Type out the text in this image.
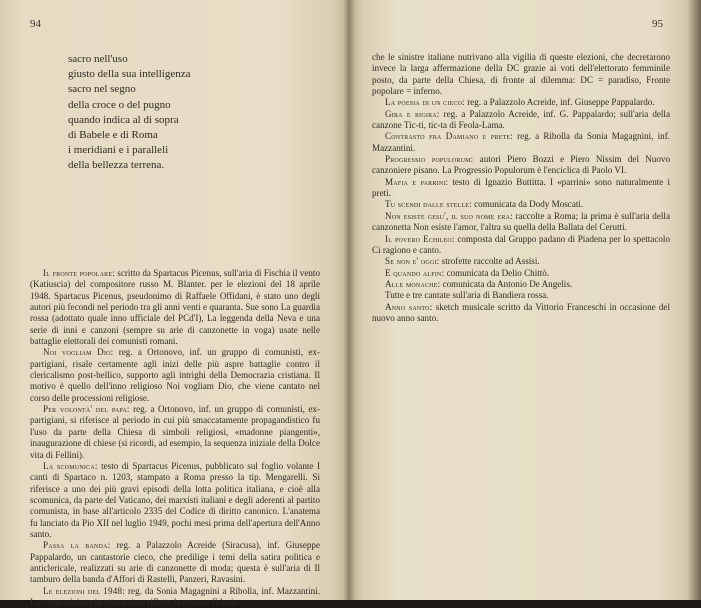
94
sacro nell'uso
giusto della sua intelligenza
sacro nel segno
della croce o del pugno
quando indica al di sopra
di Babele e di Roma
i meridiani e i paralleli
della bellezza terrena.

Il fronte popolare: scritto da Spartacus Picenus, sull'aria di Fischia il vento (Katiuscia) del compositore russo M. Blanter. per le elezioni del 18 aprile 1948. Spartacus Picenus, pseudonimo di Raffaele Offidani, è stato uno degli autori più fecondi nel periodo tra gli anni venti e quaranta. Sue sono La guardia rossa (adottato quale inno ufficiale del PCd'I), La leggenda della Neva e una serie di inni e canzoni (sempre su arie di canzonette in voga) usate nelle battaglie elettorali dei comunisti romani.

Noi vogliam Dio: reg. a Ortonovo, inf. un gruppo di comunisti, ex-partigiani, risale certamente agli inizi delle più aspre battaglie contro il clericalismo post-bellico, supporto agli intrighi della Democrazia cristiana. Il motivo è quello dell'inno religioso Noi vogliam Dio, che viene cantato nel corso delle processioni religiose.

Per volontà' del papa: reg. a Ortonovo, inf. un gruppo di comunisti, ex-partigiani, si riferisce al periodo in cui più smaccatamente propagandistico fu l'uso da parte della Chiesa di simboli religiosi, «madonne piangenti», inaugurazione di chiese (si ricordi, ad esempio, la sequenza iniziale della Dolce vita di Fellini).

La scomunica: testo di Spartacus Picenus, pubblicato sul foglio volante I canti di Spartaco n. 1203, stampato a Roma presso la tip. Mengarelli. Si riferisce a uno dei più gravi episodi della lotta politica italiana, e cioè alla scomunica, da parte del Vaticano, dei marxisti italiani e degli aderenti al partito comunista, in base all'articolo 2335 del Codice di diritto canonico. L'anatema fu lanciato da Pio XII nel luglio 1949, pochi mesi prima dell'apertura dell'Anno santo.

Passa la banda: reg. a Palazzolo Acreide (Siracusa), inf. Giuseppe Pappalardo, un cantastorie cieco, che predilige i temi della satira politica e anticlericale, realizzati su arie di canzonette di moda; questa è sull'aria di Il tamburo della banda d'Affori di Rastelli, Panzeri, Ravasini.

Le elezioni del 1948: reg. da Sonia Magagnini a Ribolla, inf. Mazzantini. La composizione in ottava rima riflette la enorme fiducia

95

che le sinistre italiane nutrivano alla vigilia di queste elezioni, che decretarono invece la larga affermazione della DC grazie ai voti dell'elettorato femminile posto, da parte della Chiesa, di fronte al dilemma: DC = paradiso, Fronte popolare = inferno.

La poesia di un cieco: reg. a Palazzolo Acreide, inf. Giuseppe Pappalardo.

Gira e rigira: reg. a Palazzolo Acreide, inf. G. Pappalardo; sull'aria della canzone Tic-ti, tic-ta di Feola-Lama.

Contrasto fra Damiano e prete: reg. a Ribolla da Sonia Magagnini, inf. Mazzantini.

Progressio populorum: autori Piero Bozzi e Piero Nissim del Nuovo canzoniere pisano. La Progressio Populorum è l'enciclica di Paolo VI.

Mafia e parrini: testo di Ignazio Buttitta. I «parrini» sono naturalmente i preti.

Tu scendi dalle stelle: comunicata da Dody Moscati.

Non esiste gesu', il suo nome era: raccolte a Roma; la prima è sull'aria della canzonetta Non esiste l'amor, l'altra su quella della Ballata del Cerutti.

Il povero Echileo: composta dal Gruppo padano di Piadena per lo spettacolo Ci ragiono e canto.

Se non e' oggi: strofette raccolte ad Assisi.

E quando alfin: comunicata da Delio Chittò.

Alle monache: comunicata da Antonio De Angelis.

Tutte e tre cantate sull'aria di Bandiera rossa.

Anno santo: sketch musicale scritto da Vittorio Franceschi in occasione del nuovo anno santo.
